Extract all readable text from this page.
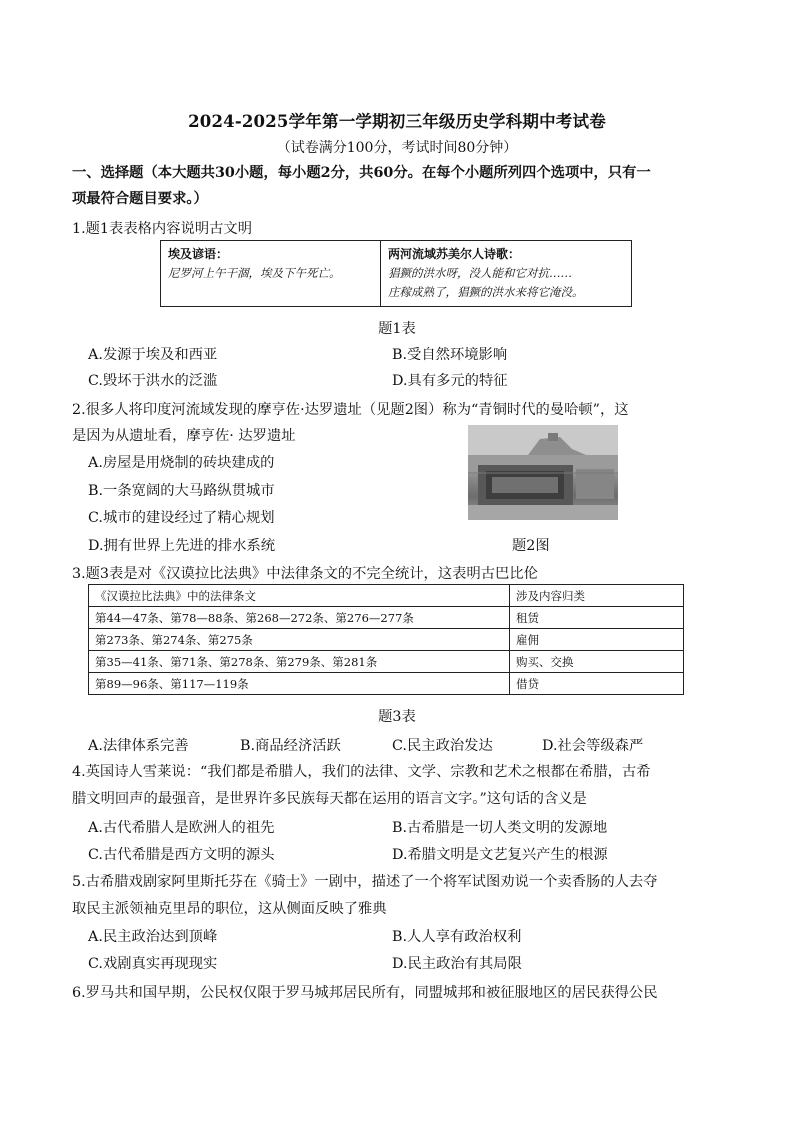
2024-2025学年第一学期初三年级历史学科期中考试卷
（试卷满分100分，考试时间80分钟）
一、选择题（本大题共30小题，每小题2分，共60分。在每个小题所列四个选项中，只有一
项最符合题目要求。）
1.题1表表格内容说明古文明
埃及谚语：
尼罗河上午干涸，埃及下午死亡。

两河流域苏美尔人诗歌：
猖獗的洪水呀，没人能和它对抗……
庄稼成熟了，猖獗的洪水来将它淹没。
题1表
A.发源于埃及和西亚	B.受自然环境影响
C.毁坏于洪水的泛滥	D.具有多元的特征
2.很多人将印度河流域发现的摩亨佐·达罗遗址（见题2图）称为“青铜时代的曼哈顿”，这
是因为从遗址看，摩亨佐· 达罗遗址
A.房屋是用烧制的砖块建成的
B.一条宽阔的大马路纵贯城市
C.城市的建设经过了精心规划
D.拥有世界上先进的排水系统	题2图
3.题3表是对《汉谟拉比法典》中法律条文的不完全统计，这表明古巴比伦
《汉谟拉比法典》中的法律条文	涉及内容归类
第44—47条、第78—88条、第268—272条、第276—277条	租赁
第273条、第274条、第275条	雇佣
第35—41条、第71条、第278条、第279条、第281条	购买、交换
第89—96条、第117—119条	借贷
题3表
A.法律体系完善	B.商品经济活跃	C.民主政治发达	D.社会等级森严
4.英国诗人雪莱说：“我们都是希腊人，我们的法律、文学、宗教和艺术之根都在希腊，古希
腊文明回声的最强音，是世界许多民族每天都在运用的语言文字。”这句话的含义是
A.古代希腊人是欧洲人的祖先	B.古希腊是一切人类文明的发源地
C.古代希腊是西方文明的源头	D.希腊文明是文艺复兴产生的根源
5.古希腊戏剧家阿里斯托芬在《骑士》一剧中，描述了一个将军试图劝说一个卖香肠的人去夺
取民主派领袖克里昂的职位，这从侧面反映了雅典
A.民主政治达到顶峰	B.人人享有政治权利
C.戏剧真实再现现实	D.民主政治有其局限
6.罗马共和国早期，公民权仅限于罗马城邦居民所有，同盟城邦和被征服地区的居民获得公民
